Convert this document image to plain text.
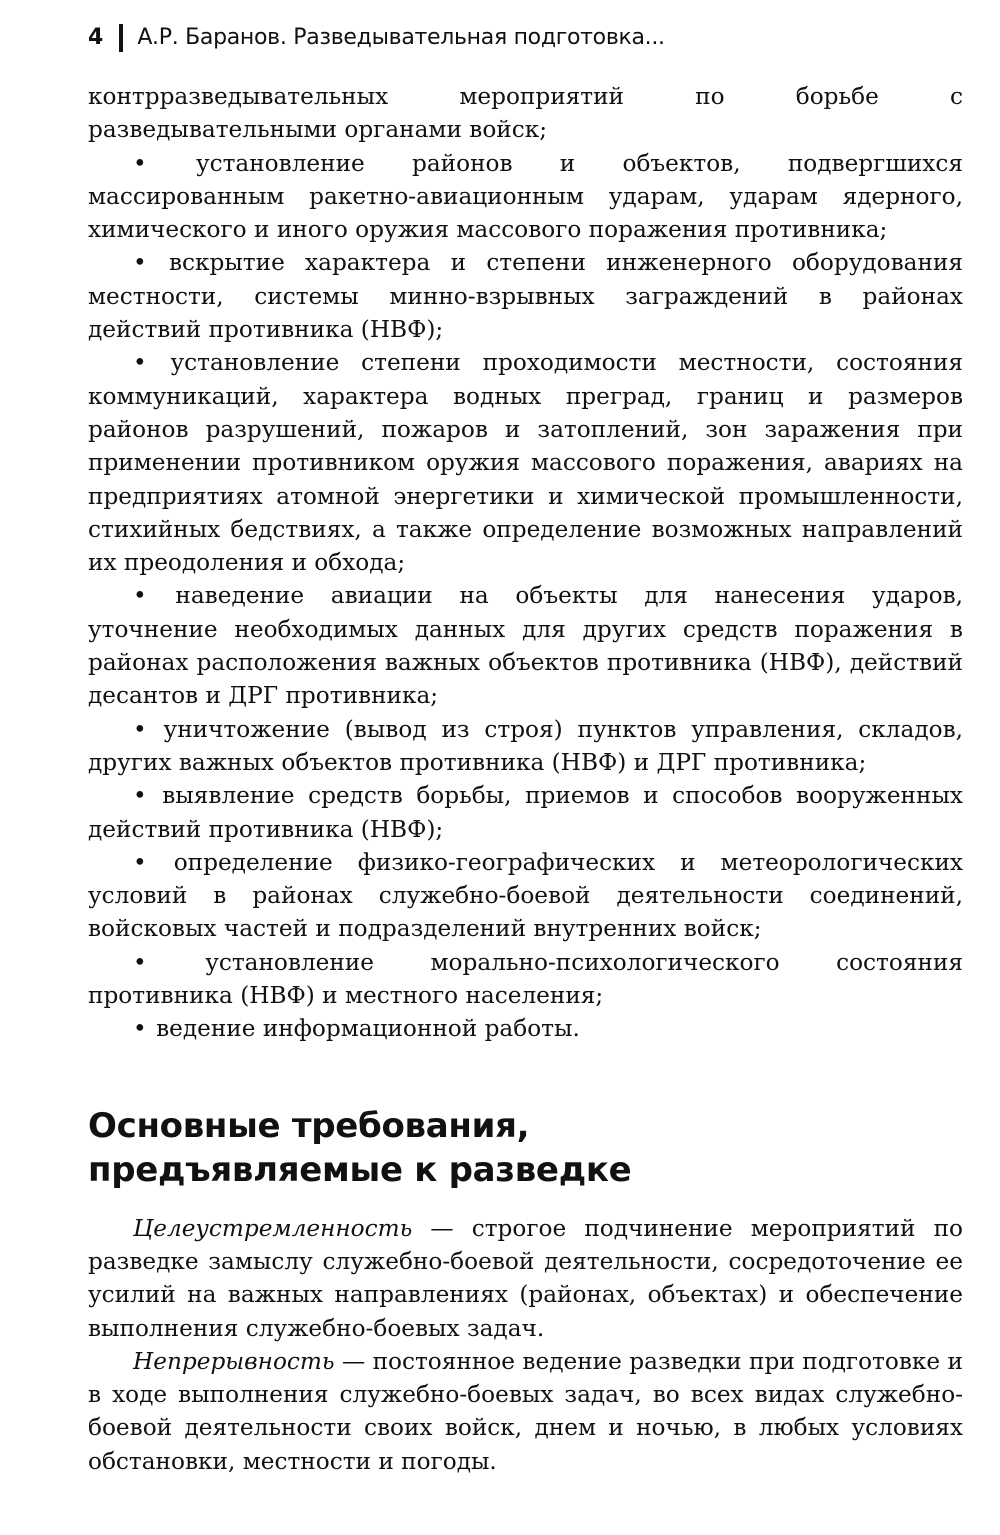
4 А.Р. Баранов. Разведывательная подготовка...

контрразведывательных мероприятий по борьбе с разведывательными органами войск;

• установление районов и объектов, подвергшихся массированным ракетно-авиационным ударам, ударам ядерного, химического и иного оружия массового поражения противника;

• вскрытие характера и степени инженерного оборудования местности, системы минно-взрывных заграждений в районах действий противника (НВФ);

• установление степени проходимости местности, состояния коммуникаций, характера водных преград, границ и размеров районов разрушений, пожаров и затоплений, зон заражения при применении противником оружия массового поражения, авариях на предприятиях атомной энергетики и химической промышленности, стихийных бедствиях, а также определение возможных направлений их преодоления и обхода;

• наведение авиации на объекты для нанесения ударов, уточнение необходимых данных для других средств поражения в районах расположения важных объектов противника (НВФ), действий десантов и ДРГ противника;

• уничтожение (вывод из строя) пунктов управления, складов, других важных объектов противника (НВФ) и ДРГ противника;

• выявление средств борьбы, приемов и способов вооруженных действий противника (НВФ);

• определение физико-географических и метеорологических условий в районах служебно-боевой деятельности соединений, войсковых частей и подразделений внутренних войск;

•	установление морально-психологического состояния противника (НВФ) и местного населения;

• ведение информационной работы.

Основные требования,
предъявляемые к разведке

Целеустремленность — строгое подчинение мероприятий по разведке замыслу служебно-боевой деятельности, сосредоточение ее усилий на важных направлениях (районах, объектах) и обеспечение выполнения служебно-боевых задач.

Непрерывность — постоянное ведение разведки при подготовке и в ходе выполнения служебно-боевых задач, во всех видах служебно-боевой деятельности своих войск, днем и ночью, в любых условиях обстановки, местности и погоды.
